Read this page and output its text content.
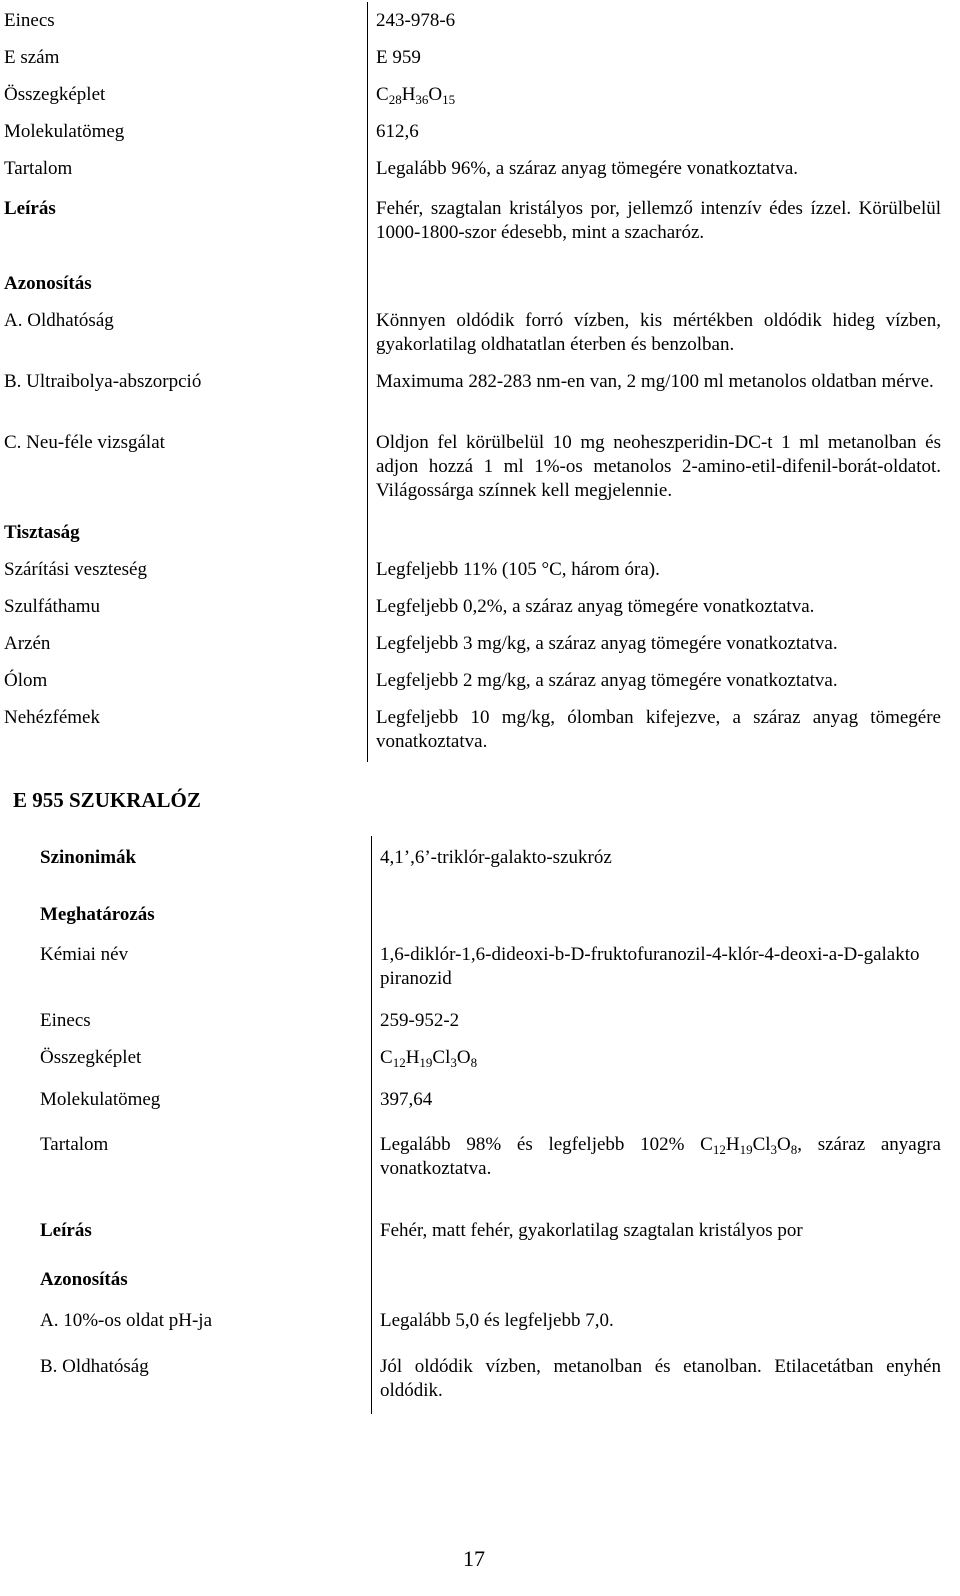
Einecs	243-978-6
E szám	E 959
Összegképlet	$C_{28}H_{36}O_{15}$
Molekulatömeg	612,6
Tartalom	Legalább 96%, a száraz anyag tömegére vonatkoztatva.
Leírás	Fehér, szagtalan kristályos por, jellemző intenzív édes ízzel. Körülbelül 1000-1800-szor édesebb, mint a szacharóz.
Azonosítás
A. Oldhatóság	Könnyen oldódik forró vízben, kis mértékben oldódik hideg vízben, gyakorlatilag oldhatatlan éterben és benzolban.
B. Ultraibolya-abszorpció	Maximuma 282-283 nm-en van, 2 mg/100 ml metanolos oldatban mérve.
C. Neu-féle vizsgálat	Oldjon fel körülbelül 10 mg neoheszperidin-DC-t 1 ml metanolban és adjon hozzá 1 ml 1%-os metanolos 2-amino-etil-difenil-borát-oldatot. Világossárga színnek kell megjelennie.
Tisztaság
Szárítási veszteség	Legfeljebb 11% (105 °C, három óra).
Szulfáthamu	Legfeljebb 0,2%, a száraz anyag tömegére vonatkoztatva.
Arzén	Legfeljebb 3 mg/kg, a száraz anyag tömegére vonatkoztatva.
Ólom	Legfeljebb 2 mg/kg, a száraz anyag tömegére vonatkoztatva.
Nehézfémek	Legfeljebb 10 mg/kg, ólomban kifejezve, a száraz anyag tömegére vonatkoztatva.
E 955 SZUKRALÓZ
Szinonimák	4,1’,6’-triklór-galakto-szukróz
Meghatározás
Kémiai név	1,6-diklór-1,6-dideoxi-b-D-fruktofuranozil-4-klór-4-deoxi-a-D-galaktopiranozid
Einecs	259-952-2
Összegképlet	$C_{12}H_{19}Cl_3O_8$
Molekulatömeg	397,64
Tartalom	Legalább 98% és legfeljebb 102% $C_{12}H_{19}Cl_3O_8$, száraz anyagra vonatkoztatva.
Leírás	Fehér, matt fehér, gyakorlatilag szagtalan kristályos por
Azonosítás
A. 10%-os oldat pH-ja	Legalább 5,0 és legfeljebb 7,0.
B. Oldhatóság	Jól oldódik vízben, metanolban és etanolban. Etilacetátban enyhén oldódik.
17
